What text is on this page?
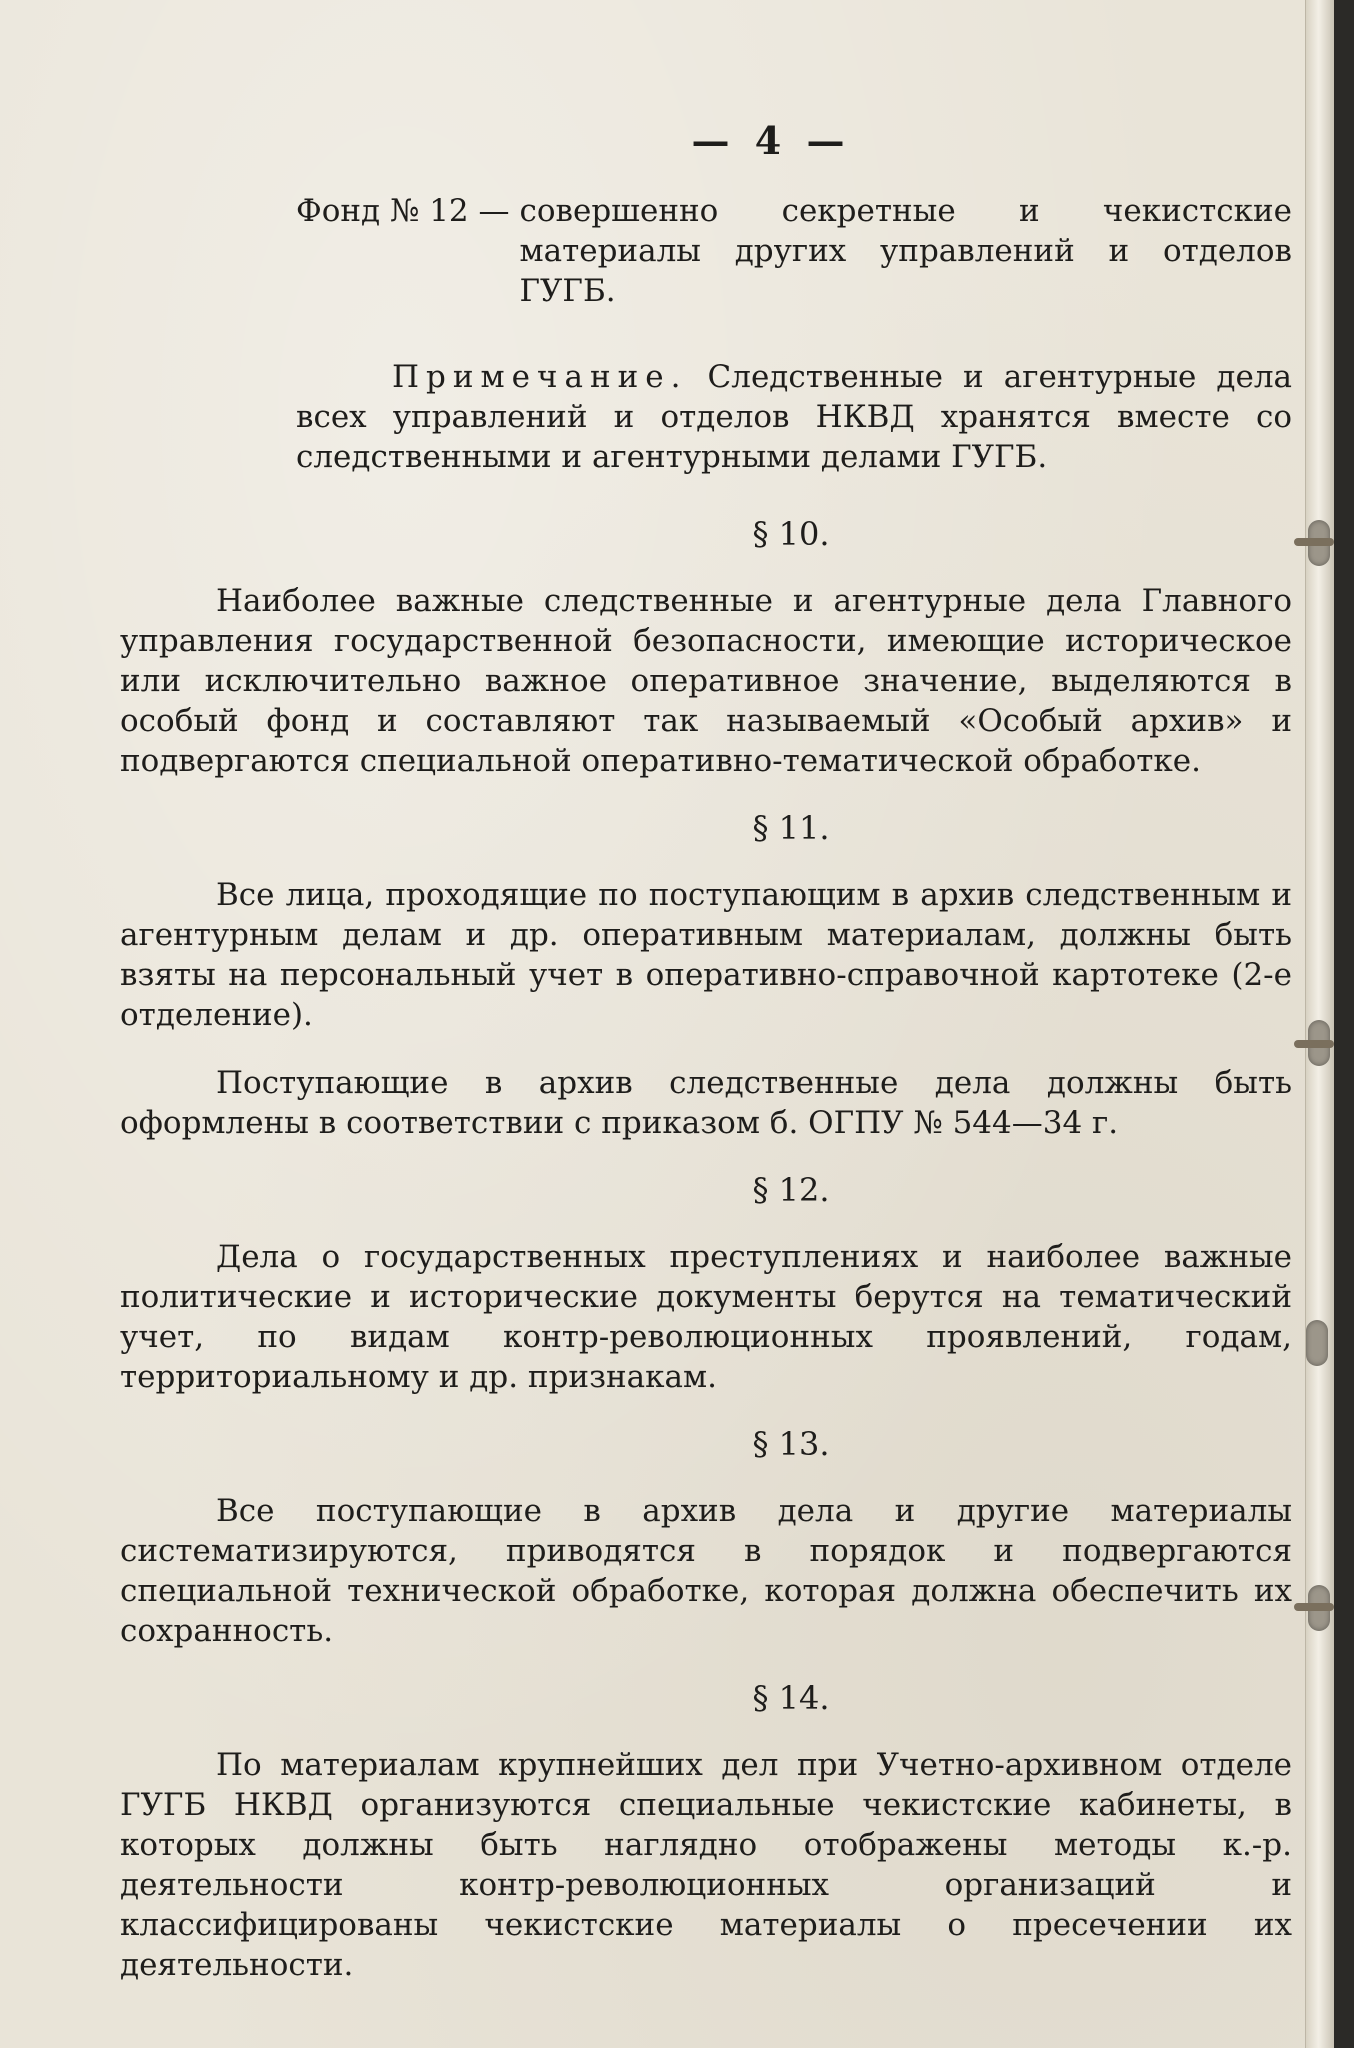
— 4 —
Фонд № 12 — совершенно секретные и чекистские материалы других управлений и отделов ГУГБ.

Примечание. Следственные и агентурные дела всех управлений и отделов НКВД хранятся вместе со следственными и агентурными делами ГУГБ.

§ 10.

Наиболее важные следственные и агентурные дела Главного управления государственной безопасности, имеющие историческое или исключительно важное оперативное значение, выделяются в особый фонд и составляют так называемый «Особый архив» и подвергаются специальной оперативно-тематической обработке.

§ 11.

Все лица, проходящие по поступающим в архив следственным и агентурным делам и др. оперативным материалам, должны быть взяты на персональный учет в оперативно-справочной картотеке (2-е отделение).

Поступающие в архив следственные дела должны быть оформлены в соответствии с приказом б. ОГПУ № 544—34 г.

§ 12.

Дела о государственных преступлениях и наиболее важные политические и исторические документы берутся на тематический учет, по видам контр-революционных проявлений, годам, территориальному и др. признакам.

§ 13.

Все поступающие в архив дела и другие материалы систематизируются, приводятся в порядок и подвергаются специальной технической обработке, которая должна обеспечить их сохранность.

§ 14.

По материалам крупнейших дел при Учетно-архивном отделе ГУГБ НКВД организуются специальные чекистские кабинеты, в которых должны быть наглядно отображены методы к.-р. деятельности контр-революционных организаций и классифицированы чекистские материалы о пресечении их деятельности.
